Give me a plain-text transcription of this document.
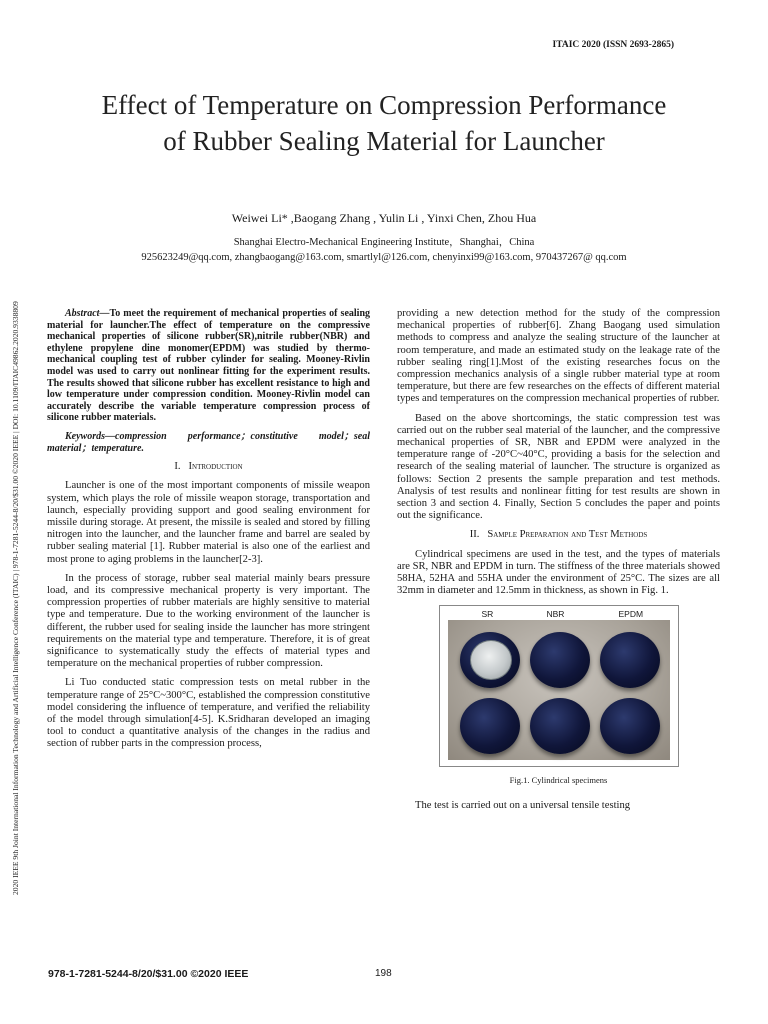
ITAIC 2020 (ISSN 2693-2865)
2020 IEEE 9th Joint International Information Technology and Artificial Intelligence Conference (ITAIC) | 978-1-7281-5244-8/20/$31.00 ©2020 IEEE | DOI: 10.1109/ITAIC49862.2020.9338809
Effect of Temperature on Compression Performance of Rubber Sealing Material for Launcher
Weiwei Li* ,Baogang Zhang , Yulin Li , Yinxi Chen, Zhou Hua
Shanghai Electro-Mechanical Engineering Institute，Shanghai，China
925623249@qq.com, zhangbaogang@163.com, smartlyl@126.com, chenyinxi99@163.com, 970437267@ qq.com

Abstract—To meet the requirement of mechanical properties of sealing material for launcher.The effect of temperature on the compressive mechanical properties of silicone rubber(SR),nitrile rubber(NBR) and ethylene propylene dine monomer(EPDM) was studied by thermo-mechanical coupling test of rubber cylinder for sealing. Mooney-Rivlin model was used to carry out nonlinear fitting for the experiment results. The results showed that silicone rubber has excellent resistance to high and low temperature under compression condition. Mooney-Rivlin model can accurately describe the variable temperature compression process of silicone rubber materials.

Keywords—compression performance；constitutive model；seal material；temperature.

I. Introduction

Launcher is one of the most important components of missile weapon system, which plays the role of missile weapon storage, transportation and launch, especially providing support and good sealing environment for missile during storage. At present, the missile is sealed and stored by filling nitrogen into the launcher, and the launcher frame and barrel are sealed by rubber sealing material [1]. Rubber material is also one of the earliest and most prone to aging problems in the launcher[2-3].

In the process of storage, rubber seal material mainly bears pressure load, and its compressive mechanical property is very important. The compression properties of rubber materials are highly sensitive to material type and temperature. Due to the working environment of the launcher is different, the rubber used for sealing inside the launcher has more stringent requirements on the material type and temperature. Therefore, it is of great significance to systematically study the effects of material types and temperature on the mechanical properties of rubber compression.

Li Tuo conducted static compression tests on metal rubber in the temperature range of 25°C~300°C, established the compression constitutive model considering the influence of temperature, and verified the reliability of the model through simulation[4-5]. K.Sridharan developed an imaging tool to conduct a quantitative analysis of the changes in the radius and section of rubber parts in the compression process,

providing a new detection method for the study of the compression mechanical properties of rubber[6]. Zhang Baogang used simulation methods to compress and analyze the sealing structure of the launcher at room temperature, and made an estimated study on the leakage rate of the rubber sealing ring[1].Most of the existing researches focus on the compression mechanics analysis of a single rubber material type at room temperature, but there are few researches on the effects of different material types and temperatures on the compression mechanical properties of rubber.

Based on the above shortcomings, the static compression test was carried out on the rubber seal material of the launcher, and the compressive mechanical properties of SR, NBR and EPDM were analyzed in the temperature range of -20°C~40°C, providing a basis for the selection and research of the sealing material of launcher. The structure is organized as follows: Section 2 presents the sample preparation and test methods. Analysis of test results and nonlinear fitting for test results are shown in section 3 and section 4. Finally, Section 5 concludes the paper and points out the significance.

II. Sample Preparation and Test Methods

Cylindrical specimens are used in the test, and the types of materials are SR, NBR and EPDM in turn. The stiffness of the three materials showed 58HA, 52HA and 55HA under the environment of 25°C. The sizes are all 32mm in diameter and 12.5mm in thickness, as shown in Fig. 1.

SR	NBR	EPDM
Fig.1. Cylindrical specimens

The test is carried out on a universal tensile testing

978-1-7281-5244-8/20/$31.00 ©2020 IEEE	198
